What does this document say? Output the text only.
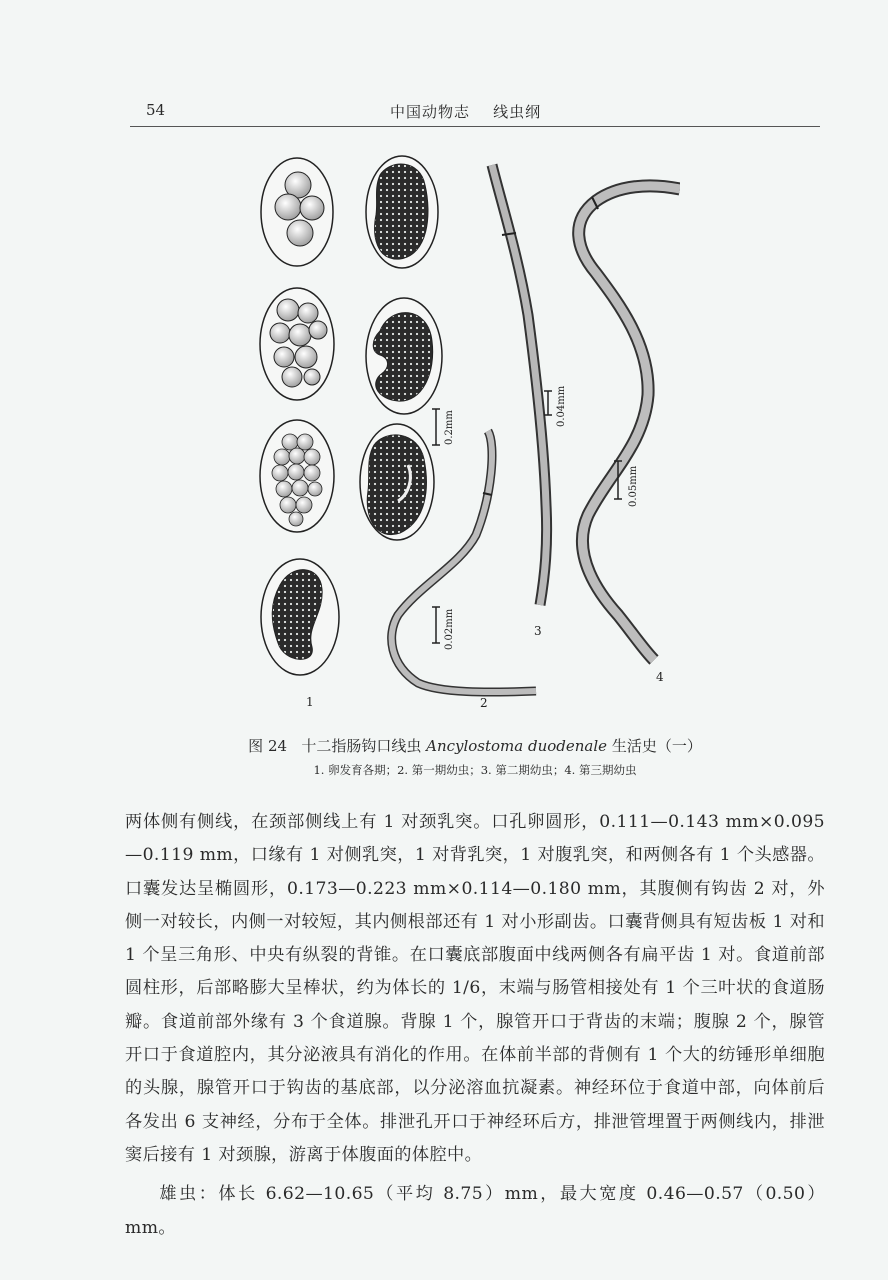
54	中国动物志    线虫纲
0.2mm
0.02mm
0.04mm
0.05mm
1	2
3
4
图 24   十二指肠钩口线虫 Ancylostoma duodenale 生活史（一）
1. 卵发育各期；2. 第一期幼虫；3. 第二期幼虫；4. 第三期幼虫

两体侧有侧线，在颈部侧线上有 1 对颈乳突。口孔卵圆形，0.111—0.143 mm×0.095—0.119 mm，口缘有 1 对侧乳突，1 对背乳突，1 对腹乳突，和两侧各有 1 个头感器。口囊发达呈椭圆形，0.173—0.223 mm×0.114—0.180 mm，其腹侧有钩齿 2 对，外侧一对较长，内侧一对较短，其内侧根部还有 1 对小形副齿。口囊背侧具有短齿板 1 对和 1 个呈三角形、中央有纵裂的背锥。在口囊底部腹面中线两侧各有扁平齿 1 对。食道前部圆柱形，后部略膨大呈棒状，约为体长的 1/6，末端与肠管相接处有 1 个三叶状的食道肠瓣。食道前部外缘有 3 个食道腺。背腺 1 个，腺管开口于背齿的末端；腹腺 2 个，腺管开口于食道腔内，其分泌液具有消化的作用。在体前半部的背侧有 1 个大的纺锤形单细胞的头腺，腺管开口于钩齿的基底部，以分泌溶血抗凝素。神经环位于食道中部，向体前后各发出 6 支神经，分布于全体。排泄孔开口于神经环后方，排泄管埋置于两侧线内，排泄窦后接有 1 对颈腺，游离于体腹面的体腔中。

雄虫：体长 6.62—10.65（平均 8.75）mm，最大宽度 0.46—0.57（0.50）mm。
